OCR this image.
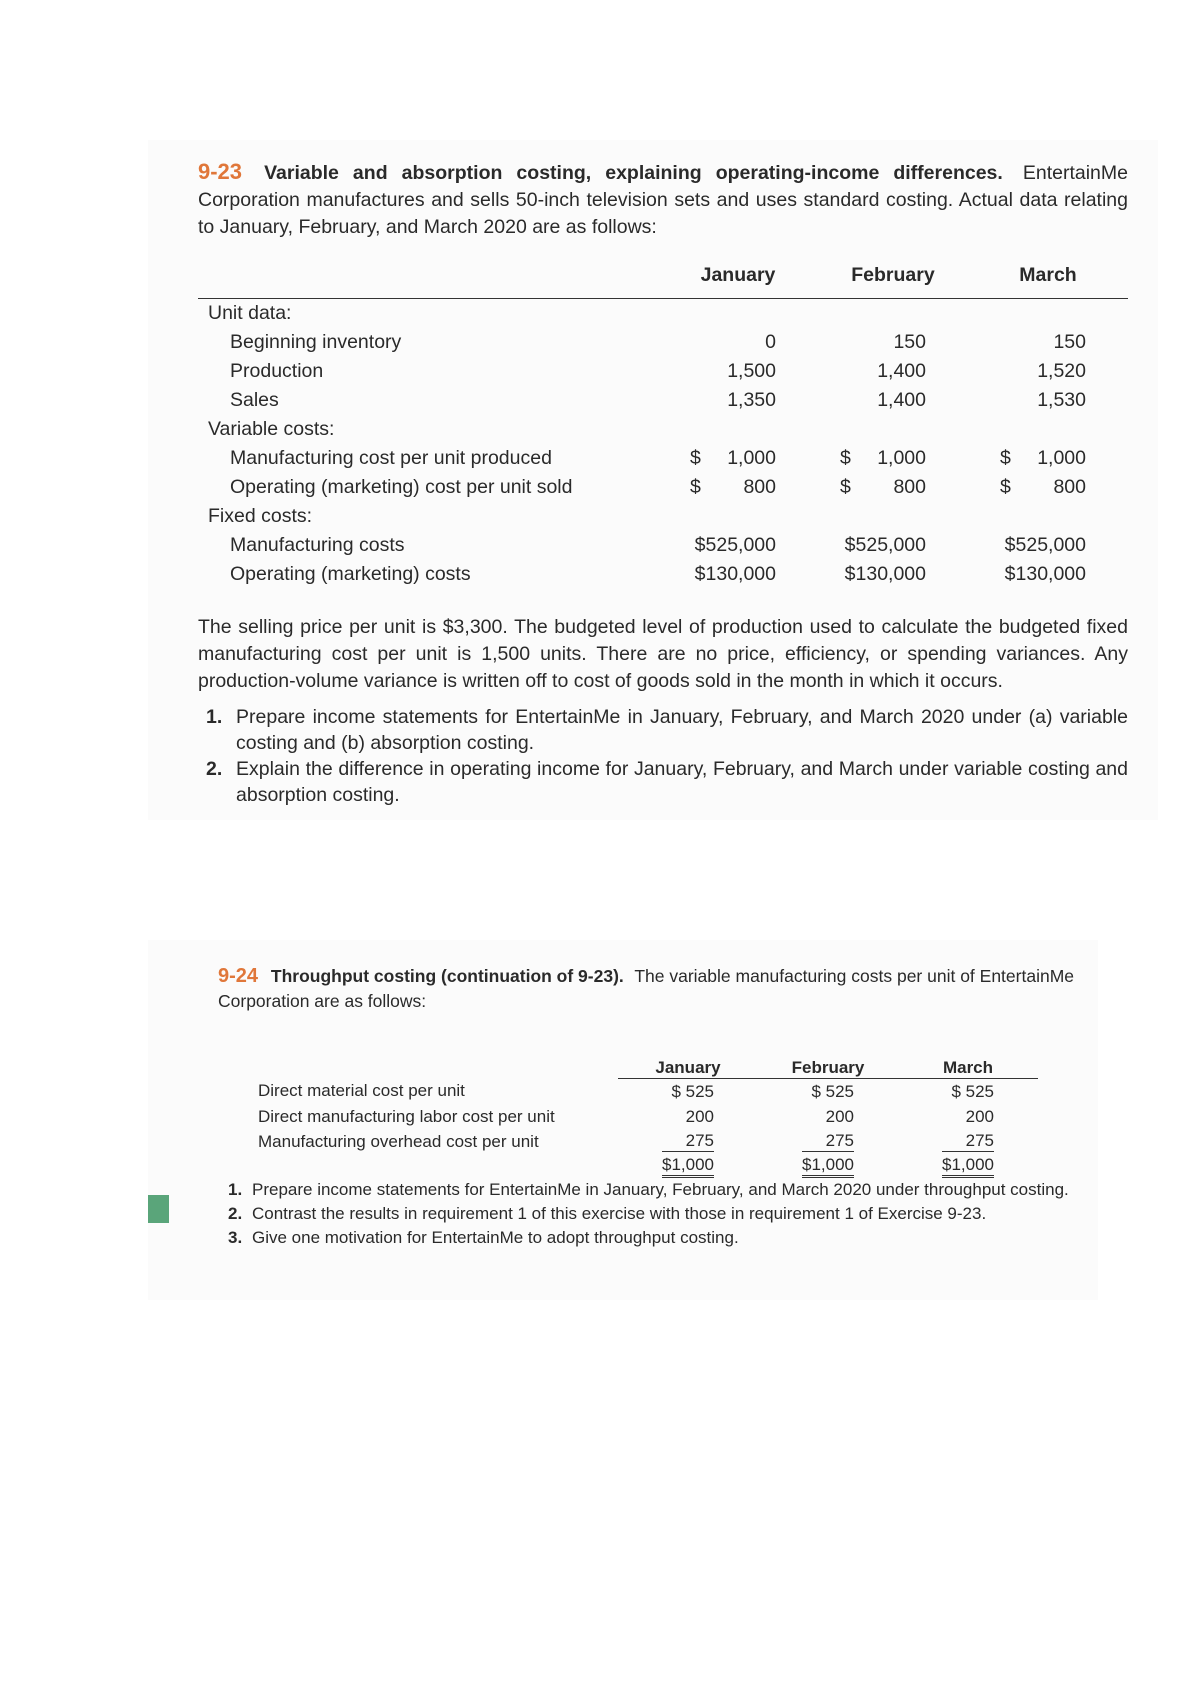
9-23 Variable and absorption costing, explaining operating-income differences. EntertainMe Corporation manufactures and sells 50-inch television sets and uses standard costing. Actual data relating to January, February, and March 2020 are as follows:

	January	February	March
Unit data:			
Beginning inventory	0	150	150
Production	1,500	1,400	1,520
Sales	1,350	1,400	1,530
Variable costs:			
Manufacturing cost per unit produced	$ 1,000	$ 1,000	$ 1,000
Operating (marketing) cost per unit sold	$ 800	$ 800	$ 800
Fixed costs:			
Manufacturing costs	$525,000	$525,000	$525,000
Operating (marketing) costs	$130,000	$130,000	$130,000

The selling price per unit is $3,300. The budgeted level of production used to calculate the budgeted fixed manufacturing cost per unit is 1,500 units. There are no price, efficiency, or spending variances. Any production-volume variance is written off to cost of goods sold in the month in which it occurs.

1. Prepare income statements for EntertainMe in January, February, and March 2020 under (a) variable costing and (b) absorption costing.
2. Explain the difference in operating income for January, February, and March under variable costing and absorption costing.

9-24 Throughput costing (continuation of 9-23). The variable manufacturing costs per unit of EntertainMe Corporation are as follows:

	January	February	March
Direct material cost per unit	$ 525	$ 525	$ 525
Direct manufacturing labor cost per unit	200	200	200
Manufacturing overhead cost per unit	275	275	275
	$1,000	$1,000	$1,000
1. Prepare income statements for EntertainMe in January, February, and March 2020 under throughput costing.
2. Contrast the results in requirement 1 of this exercise with those in requirement 1 of Exercise 9-23.
3. Give one motivation for EntertainMe to adopt throughput costing.
